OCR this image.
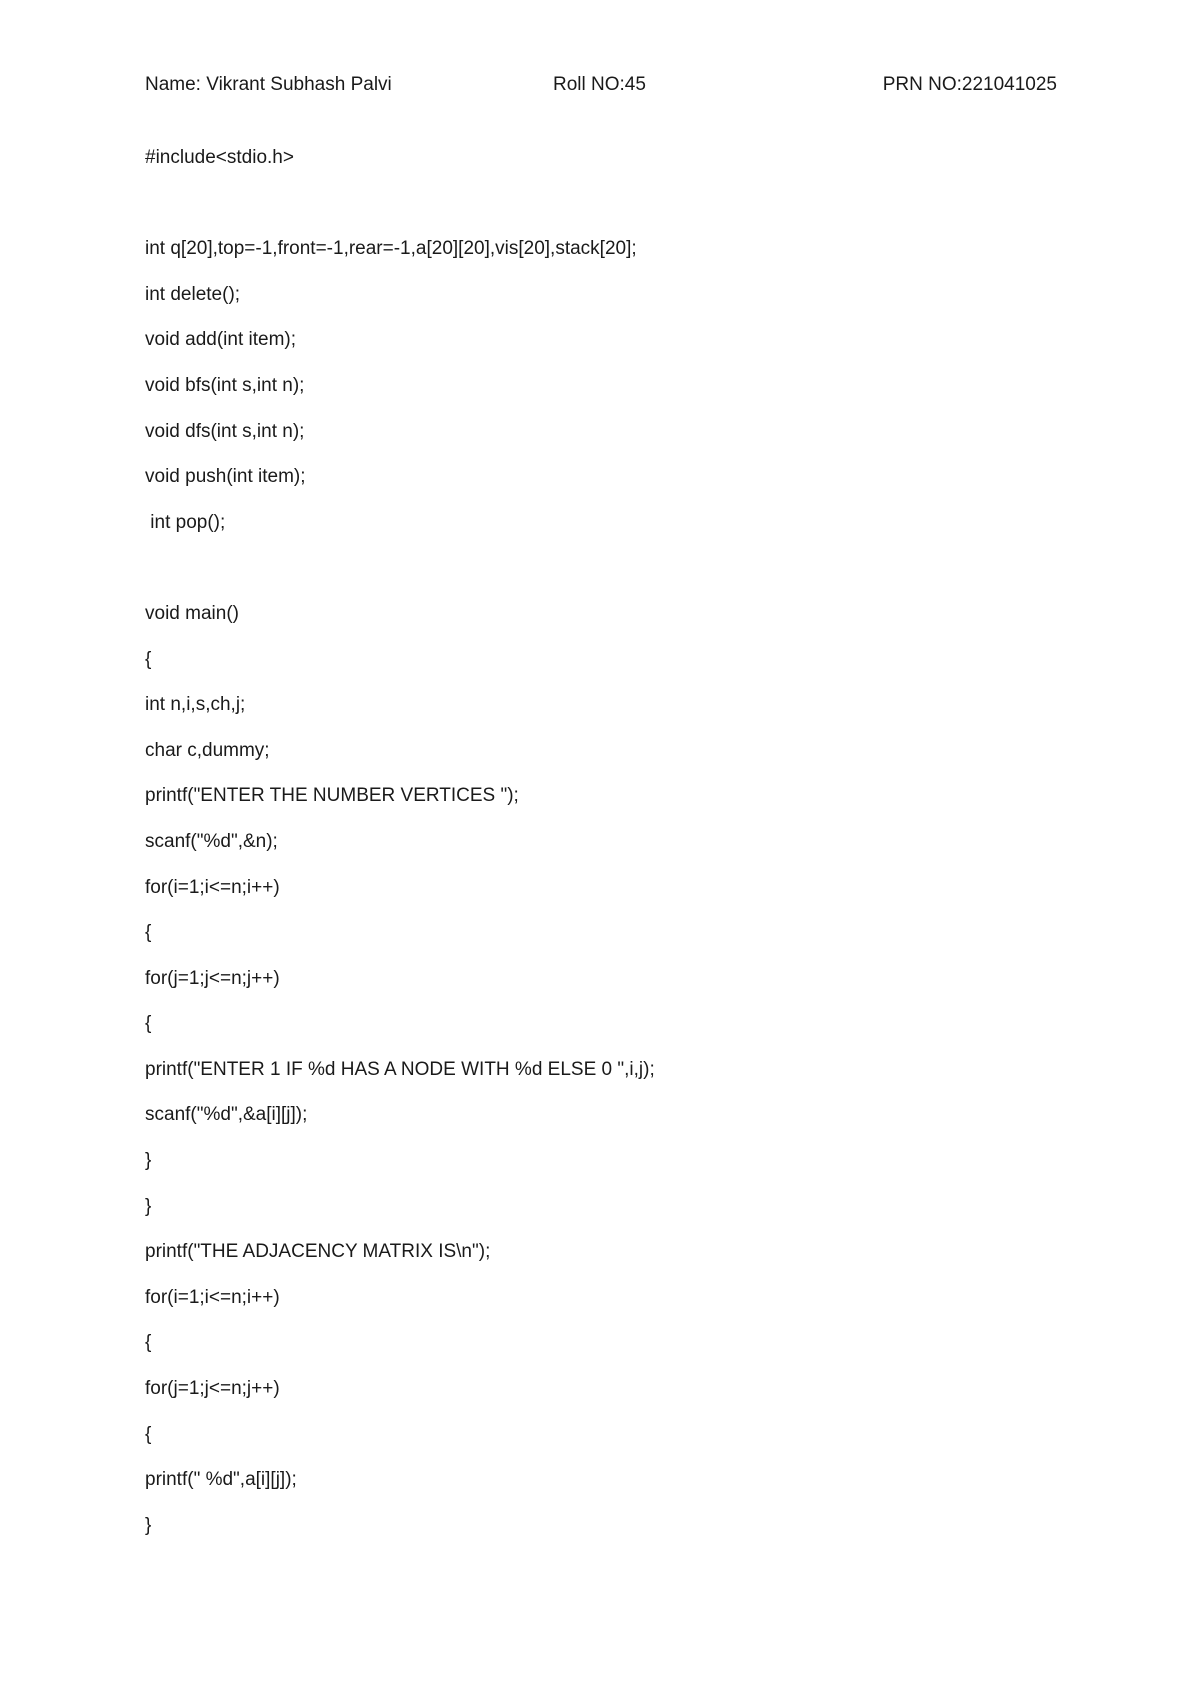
Name: Vikrant Subhash Palvi	Roll NO:45	PRN NO:221041025
#include<stdio.h>
int q[20],top=-1,front=-1,rear=-1,a[20][20],vis[20],stack[20];
int delete();
void add(int item);
void bfs(int s,int n);
void dfs(int s,int n);
void push(int item);
int pop();
void main()
{
int n,i,s,ch,j;
char c,dummy;
printf("ENTER THE NUMBER VERTICES ");
scanf("%d",&n);
for(i=1;i<=n;i++)
{
for(j=1;j<=n;j++)
{
printf("ENTER 1 IF %d HAS A NODE WITH %d ELSE 0 ",i,j);
scanf("%d",&a[i][j]);
}
}
printf("THE ADJACENCY MATRIX IS\n");
for(i=1;i<=n;i++)
{
for(j=1;j<=n;j++)
{
printf(" %d",a[i][j]);
}
